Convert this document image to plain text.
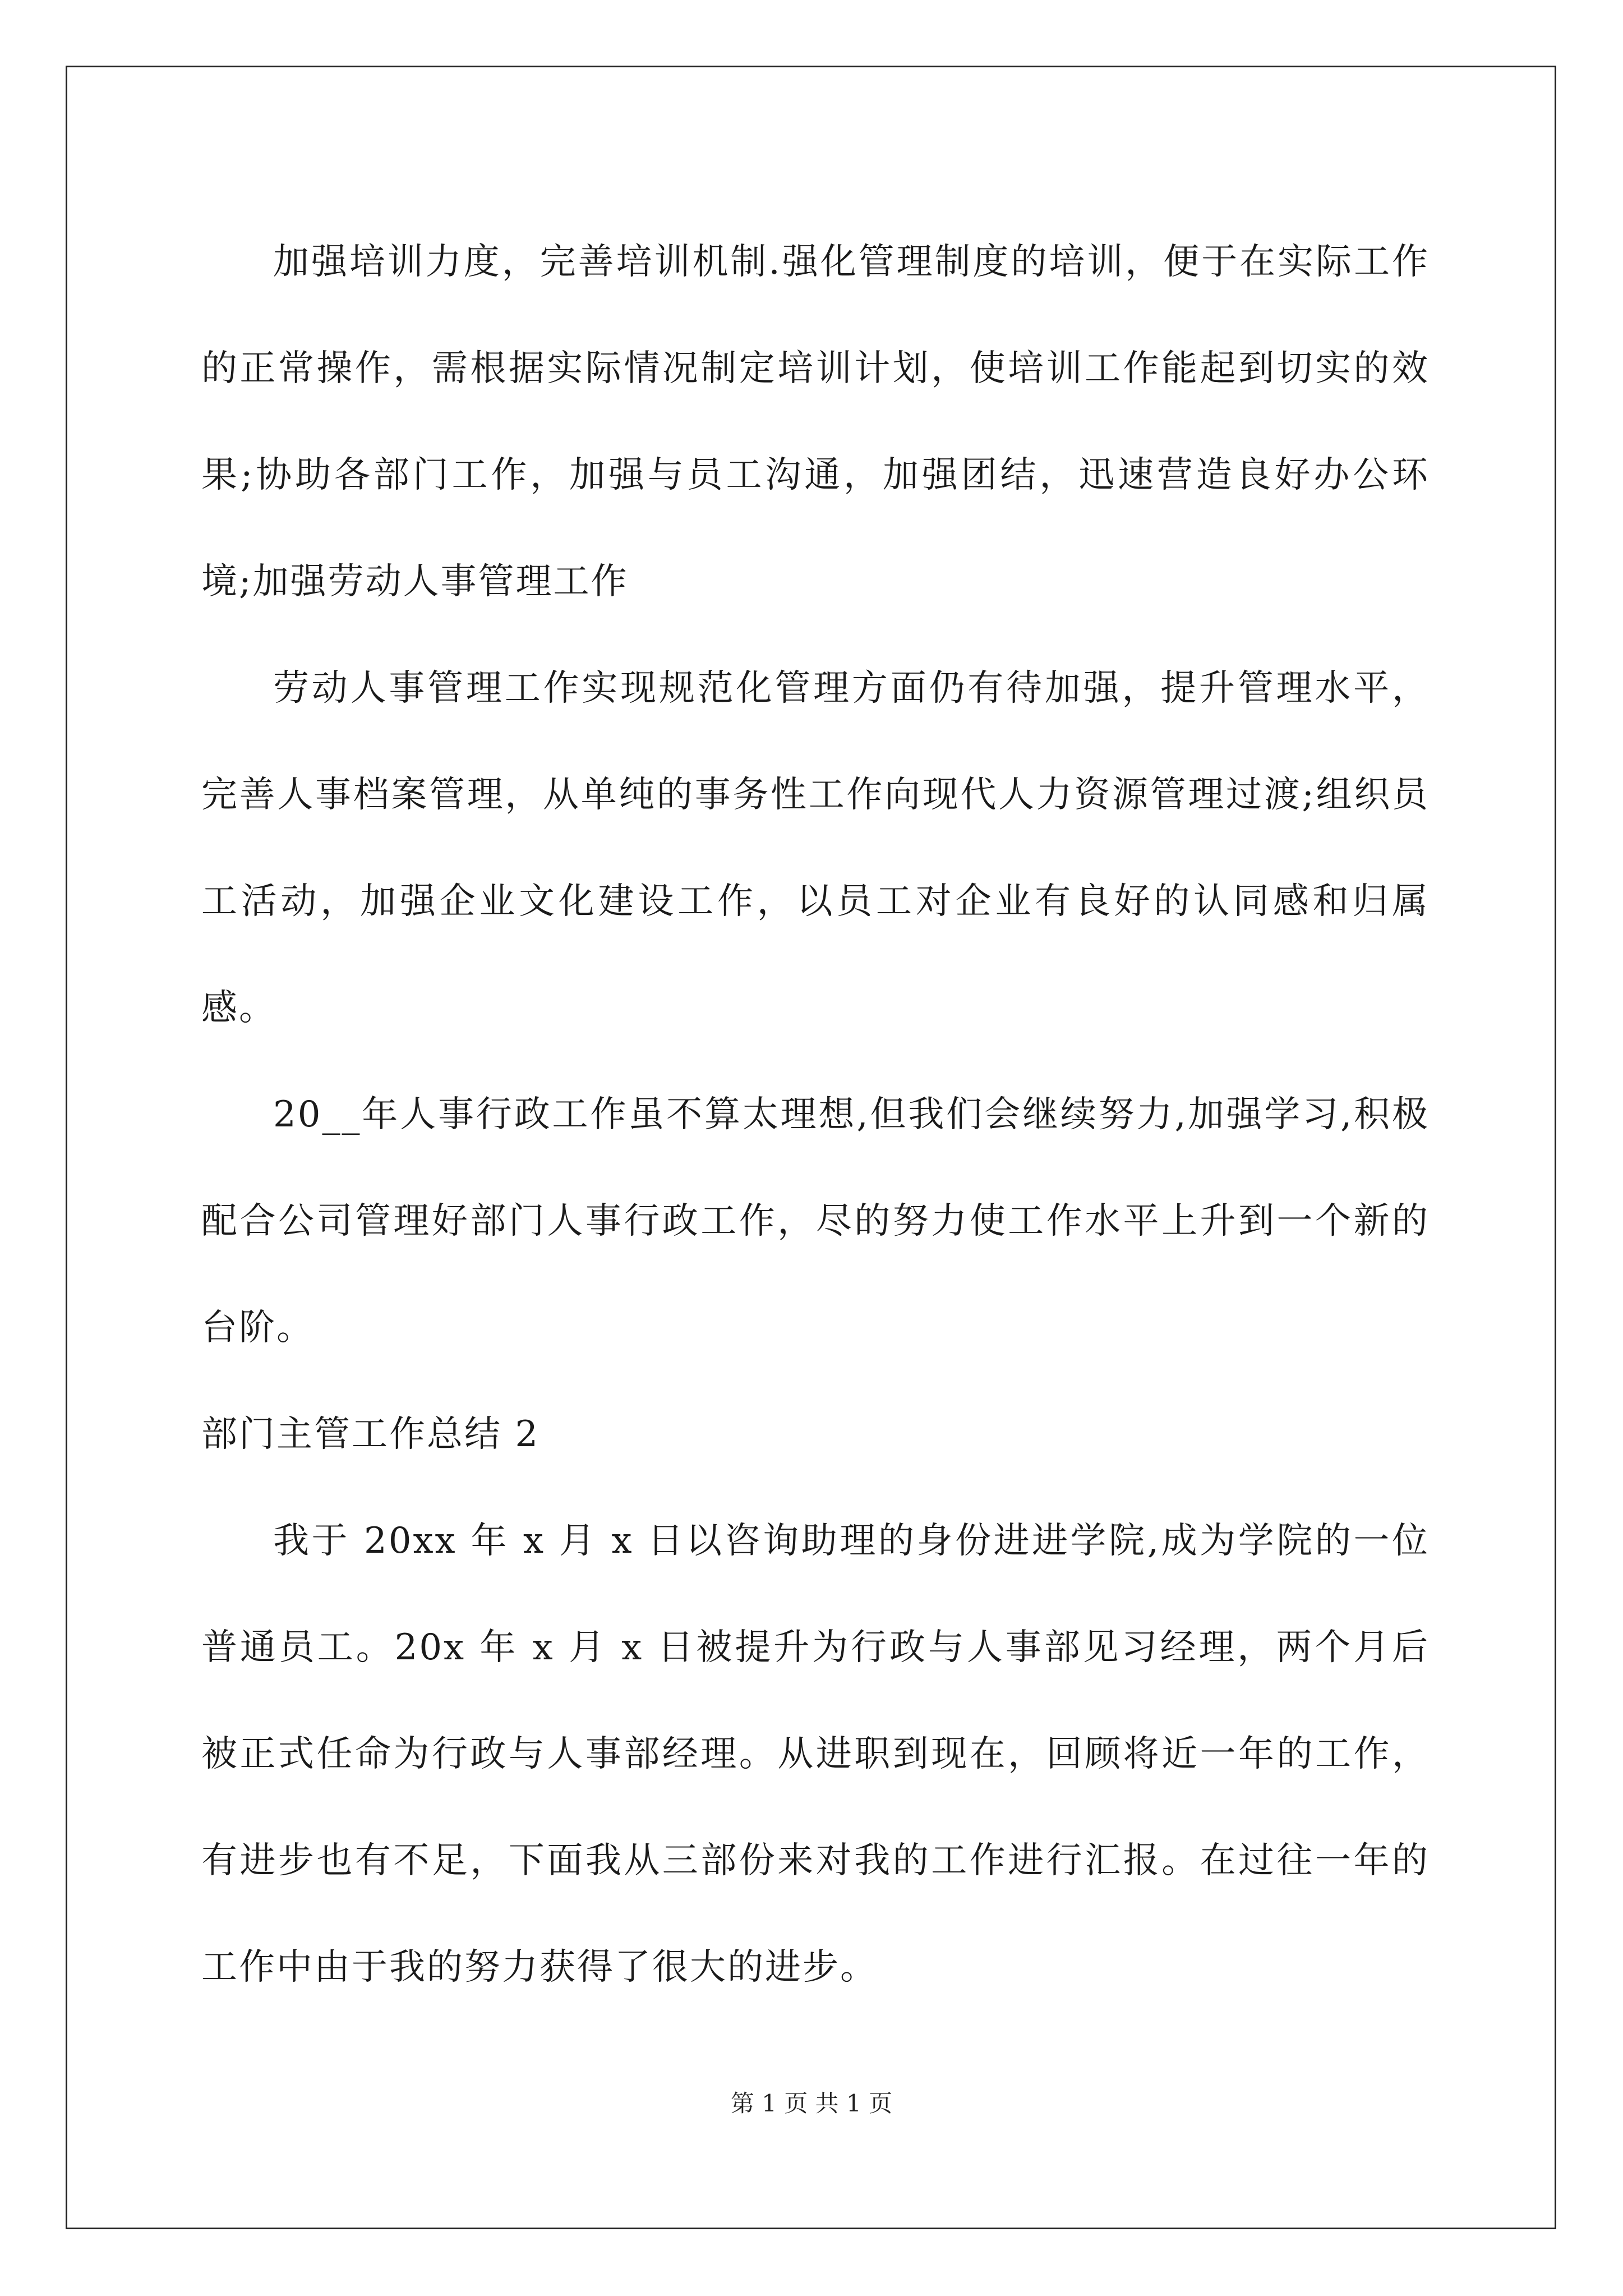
加强培训力度，完善培训机制.强化管理制度的培训，便于在实际工作的正常操作，需根据实际情况制定培训计划，使培训工作能起到切实的效果;协助各部门工作，加强与员工沟通，加强团结，迅速营造良好办公环境;加强劳动人事管理工作

劳动人事管理工作实现规范化管理方面仍有待加强，提升管理水平，完善人事档案管理，从单纯的事务性工作向现代人力资源管理过渡;组织员工活动，加强企业文化建设工作，以员工对企业有良好的认同感和归属感。

20__年人事行政工作虽不算太理想,但我们会继续努力,加强学习,积极配合公司管理好部门人事行政工作，尽的努力使工作水平上升到一个新的台阶。

部门主管工作总结 2

我于 20xx 年 x 月 x 日以咨询助理的身份进进学院,成为学院的一位普通员工。20x 年 x 月 x 日被提升为行政与人事部见习经理，两个月后被正式任命为行政与人事部经理。从进职到现在，回顾将近一年的工作，有进步也有不足，下面我从三部份来对我的工作进行汇报。在过往一年的工作中由于我的努力获得了很大的进步。

第 1 页 共 1 页
